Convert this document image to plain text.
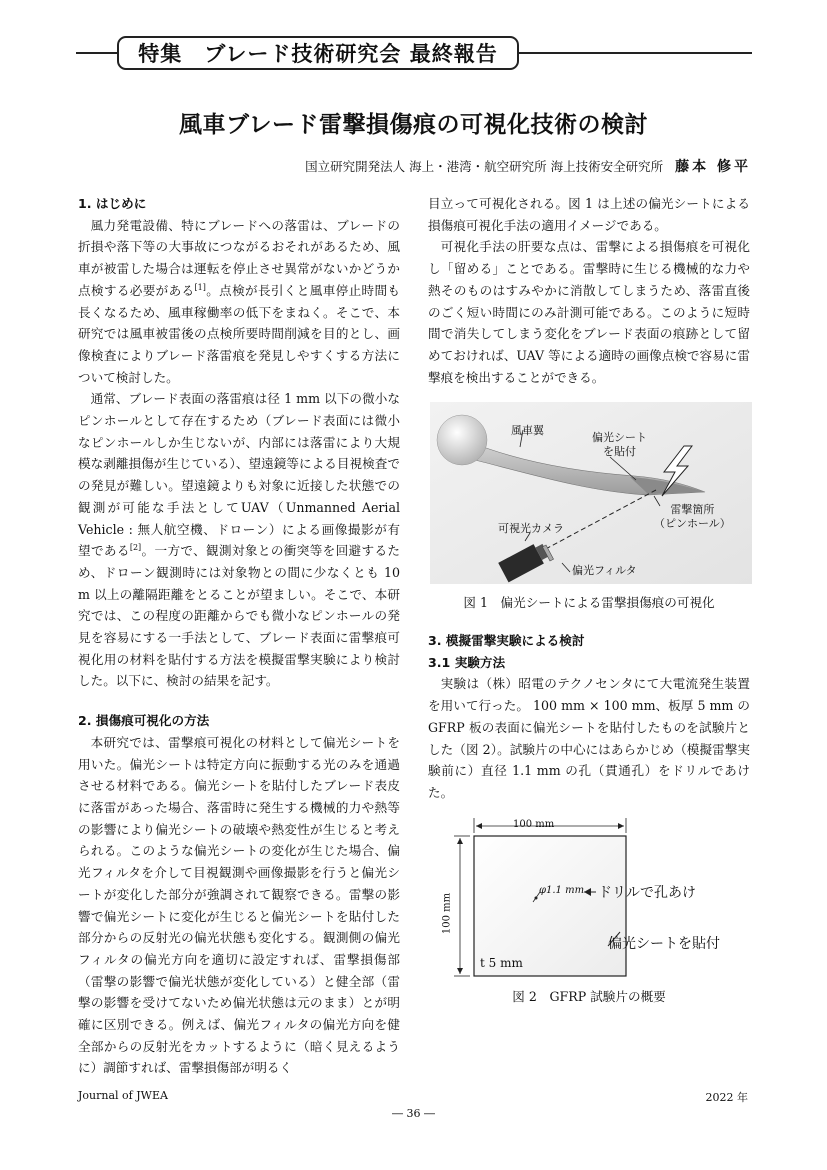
特集　ブレード技術研究会 最終報告
風車ブレード雷撃損傷痕の可視化技術の検討
国立研究開発法人 海上・港湾・航空研究所 海上技術安全研究所 藤本 修平
1. はじめに

風力発電設備、特にブレードへの落雷は、ブレードの折損や落下等の大事故につながるおそれがあるため、風車が被雷した場合は運転を停止させ異常がないかどうか点検する必要がある[1]。点検が長引くと風車停止時間も長くなるため、風車稼働率の低下をまねく。そこで、本研究では風車被雷後の点検所要時間削減を目的とし、画像検査によりブレード落雷痕を発見しやすくする方法について検討した。

通常、ブレード表面の落雷痕は径 1 mm 以下の微小なピンホールとして存在するため（ブレード表面には微小なピンホールしか生じないが、内部には落雷により大規模な剥離損傷が生じている）、望遠鏡等による目視検査での発見が難しい。望遠鏡よりも対象に近接した状態での観測が可能な手法としてUAV（Unmanned Aerial Vehicle : 無人航空機、ドローン）による画像撮影が有望である[2]。一方で、観測対象との衝突等を回避するため、ドローン観測時には対象物との間に少なくとも 10 m 以上の離隔距離をとることが望ましい。そこで、本研究では、この程度の距離からでも微小なピンホールの発見を容易にする一手法として、ブレード表面に雷撃痕可視化用の材料を貼付する方法を模擬雷撃実験により検討した。以下に、検討の結果を記す。

2. 損傷痕可視化の方法

本研究では、雷撃痕可視化の材料として偏光シートを用いた。偏光シートは特定方向に振動する光のみを通過させる材料である。偏光シートを貼付したブレード表皮に落雷があった場合、落雷時に発生する機械的力や熱等の影響により偏光シートの破壊や熱変性が生じると考えられる。このような偏光シートの変化が生じた場合、偏光フィルタを介して目視観測や画像撮影を行うと偏光シートが変化した部分が強調されて観察できる。雷撃の影響で偏光シートに変化が生じると偏光シートを貼付した部分からの反射光の偏光状態も変化する。観測側の偏光フィルタの偏光方向を適切に設定すれば、雷撃損傷部（雷撃の影響で偏光状態が変化している）と健全部（雷撃の影響を受けてないため偏光状態は元のまま）とが明確に区別できる。例えば、偏光フィルタの偏光方向を健全部からの反射光をカットするように（暗く見えるように）調節すれば、雷撃損傷部が明るく

目立って可視化される。図 1 は上述の偏光シートによる損傷痕可視化手法の適用イメージである。

可視化手法の肝要な点は、雷撃による損傷痕を可視化し「留める」ことである。雷撃時に生じる機械的な力や熱そのものはすみやかに消散してしまうため、落雷直後のごく短い時間にのみ計測可能である。このように短時間で消失してしまう変化をブレード表面の痕跡として留めておければ、UAV 等による適時の画像点検で容易に雷撃痕を検出することができる。

風車翼
偏光シート
を貼付
雷撃箇所
（ピンホール）
可視光カメラ
偏光フィルタ
図 1　偏光シートによる雷撃損傷痕の可視化
3. 模擬雷撃実験による検討
3.1 実験方法

実験は（株）昭電のテクノセンタにて大電流発生装置を用いて行った。 100 mm × 100 mm、板厚 5 mm の GFRP 板の表面に偏光シートを貼付したものを試験片とした（図 2）。試験片の中心にはあらかじめ（模擬雷撃実験前に）直径 1.1 mm の孔（貫通孔）をドリルであけた。

100 mm
100 mm
φ1.1 mm
t 5 mm
ドリルで孔あけ
偏光シートを貼付
図 2　GFRP 試験片の概要
Journal of JWEA	2022 年
― 36 ―
